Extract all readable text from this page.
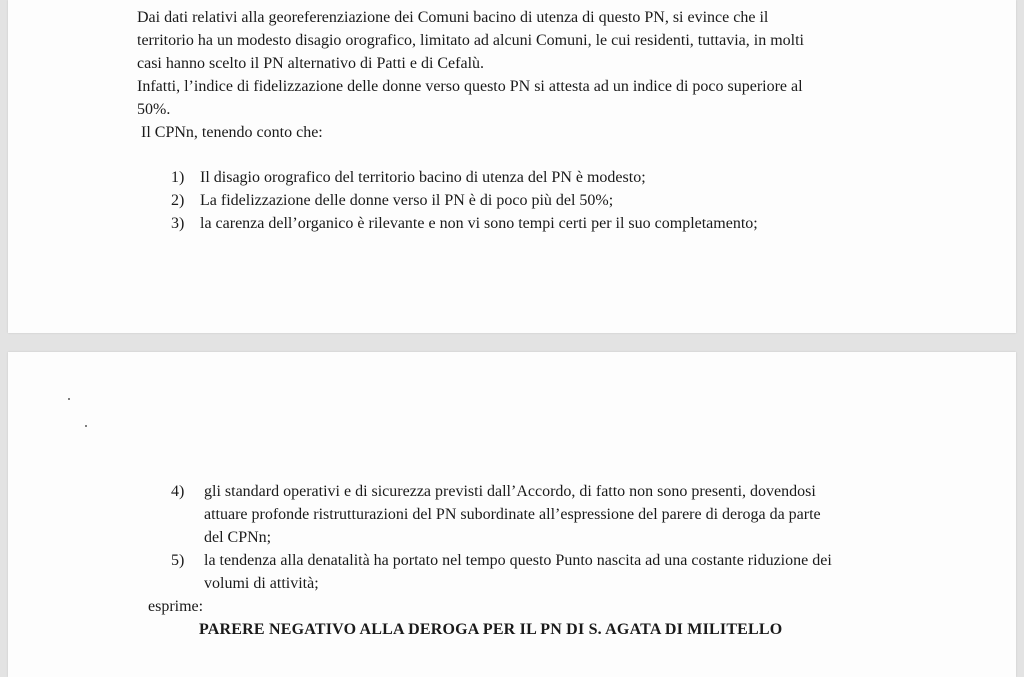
Dai dati relativi alla georeferenziazione dei Comuni bacino di utenza di questo PN, si evince che il
territorio ha un modesto disagio orografico, limitato ad alcuni Comuni, le cui residenti, tuttavia, in molti
casi hanno scelto il PN alternativo di Patti e di Cefalù.
Infatti, l’indice di fidelizzazione delle donne verso questo PN si attesta ad un indice di poco superiore al
50%.
Il CPNn, tenendo conto che:
1) Il disagio orografico del territorio bacino di utenza del PN è modesto;
2) La fidelizzazione delle donne verso il PN è di poco più del 50%;
3) la carenza dell’organico è rilevante e non vi sono tempi certi per il suo completamento;
4) gli standard operativi e di sicurezza previsti dall’Accordo, di fatto non sono presenti, dovendosi
attuare profonde ristrutturazioni del PN subordinate all’espressione del parere di deroga da parte
del CPNn;
5) la tendenza alla denatalità ha portato nel tempo questo Punto nascita ad una costante riduzione dei
volumi di attività;
esprime:
PARERE NEGATIVO ALLA DEROGA PER IL PN DI S. AGATA DI MILITELLO
